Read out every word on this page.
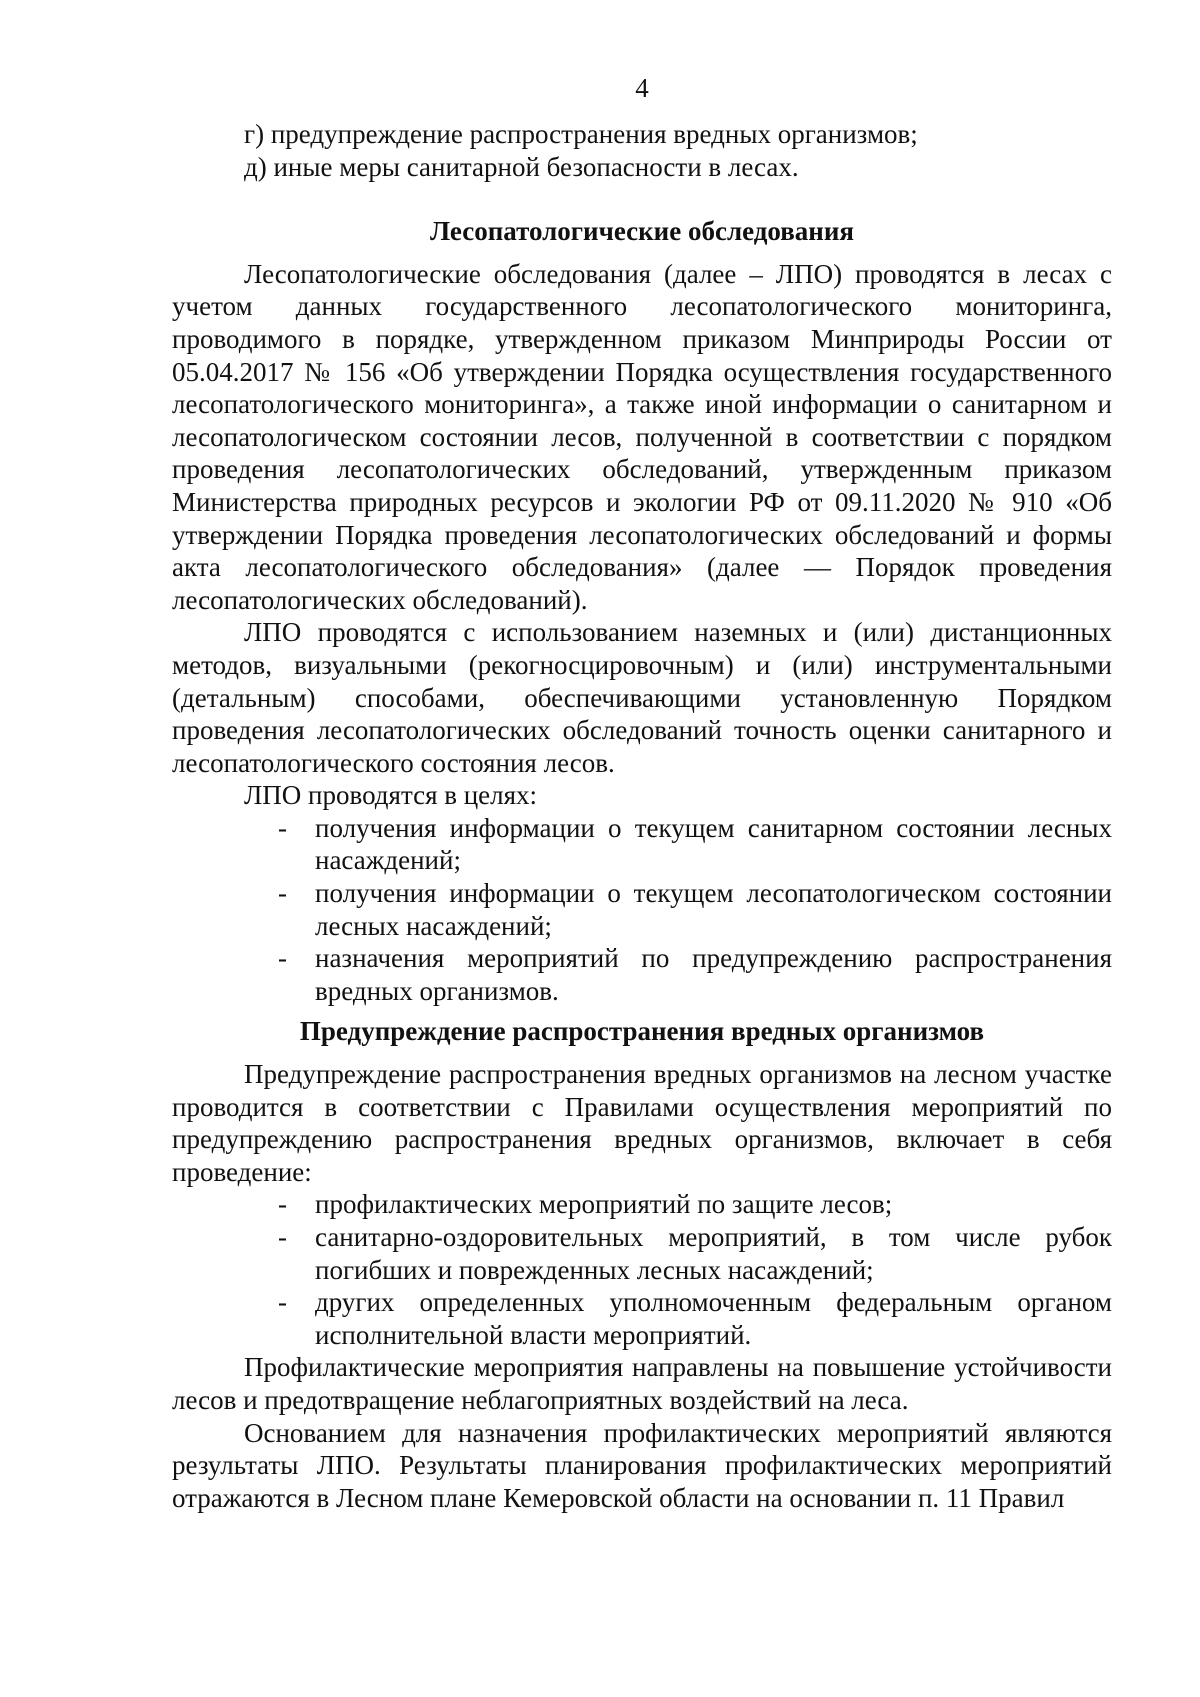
4

г) предупреждение распространения вредных организмов;

д) иные меры санитарной безопасности в лесах.

Лесопатологические обследования

Лесопатологические обследования (далее – ЛПО) проводятся в лесах с учетом данных государственного лесопатологического мониторинга, проводимого в порядке, утвержденном приказом Минприроды России от 05.04.2017 № 156 «Об утверждении Порядка осуществления государственного лесопатологического мониторинга», а также иной информации о санитарном и лесопатологическом состоянии лесов, полученной в соответствии с порядком проведения лесопатологических обследований, утвержденным приказом Министерства природных ресурсов и экологии РФ от 09.11.2020 № 910 «Об утверждении Порядка проведения лесопатологических обследований и формы акта лесопатологического обследования» (далее — Порядок проведения лесопатологических обследований).

ЛПО проводятся с использованием наземных и (или) дистанционных методов, визуальными (рекогносцировочным) и (или) инструментальными (детальным) способами, обеспечивающими установленную Порядком проведения лесопатологических обследований точность оценки санитарного и лесопатологического состояния лесов.

ЛПО проводятся в целях:

- получения информации о текущем санитарном состоянии лесных насаждений;
- получения информации о текущем лесопатологическом состоянии лесных насаждений;
- назначения мероприятий по предупреждению распространения вредных организмов.
Предупреждение распространения вредных организмов

Предупреждение распространения вредных организмов на лесном участке проводится в соответствии с Правилами осуществления мероприятий по предупреждению распространения вредных организмов, включает в себя проведение:

- профилактических мероприятий по защите лесов;
- санитарно-оздоровительных мероприятий, в том числе рубок погибших и поврежденных лесных насаждений;
- других определенных уполномоченным федеральным органом исполнительной власти мероприятий.

Профилактические мероприятия направлены на повышение устойчивости лесов и предотвращение неблагоприятных воздействий на леса.

Основанием для назначения профилактических мероприятий являются результаты ЛПО. Результаты планирования профилактических мероприятий отражаются в Лесном плане Кемеровской области на основании п. 11 Правил
